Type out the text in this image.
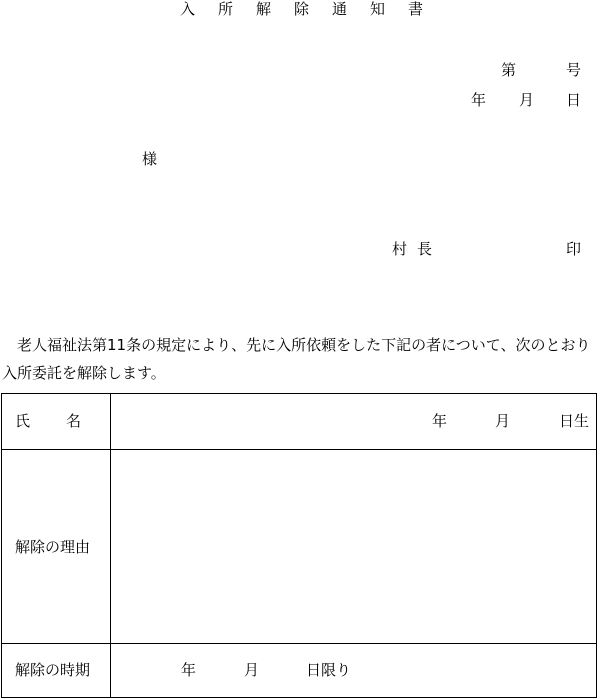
入所解除通知書
第	号
年 月 日
様
村長	印
老人福祉法第11条の規定により、先に入所依頼をした下記の者について、次のとおり
入所委託を解除します。
氏　　名	年	月	日生
解除の理由
解除の時期	年	月	日限り
